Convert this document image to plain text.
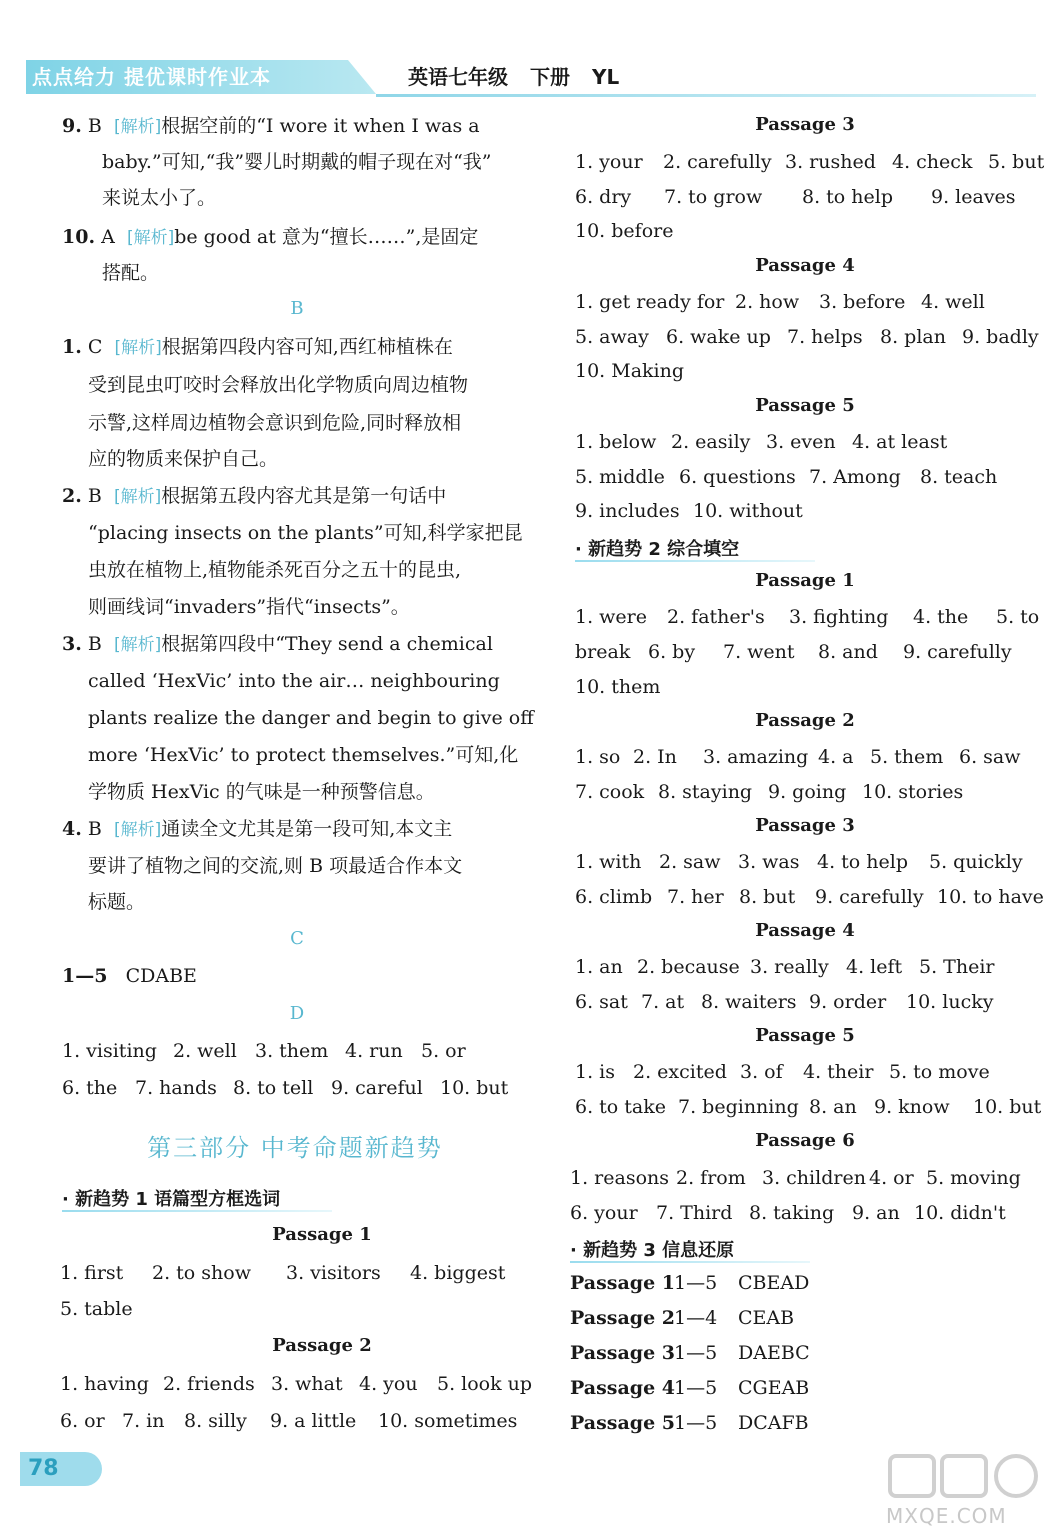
点点给力 提优课时作业本	英语七年级 下册 YL
9. B [解析]根据空前的“I wore it when I was a
baby.”可知,“我”婴儿时期戴的帽子现在对“我”
来说太小了。
10. A [解析]be good at 意为“擅长……”,是固定
搭配。
B
1. C [解析]根据第四段内容可知,西红柿植株在
受到昆虫叮咬时会释放出化学物质向周边植物
示警,这样周边植物会意识到危险,同时释放相
应的物质来保护自己。
2. B [解析]根据第五段内容尤其是第一句话中
“placing insects on the plants”可知,科学家把昆
虫放在植物上,植物能杀死百分之五十的昆虫,
则画线词“invaders”指代“insects”。
3. B [解析]根据第四段中“They send a chemical
called ‘HexVic’ into the air… neighbouring
plants realize the danger and begin to give off
more ‘HexVic’ to protect themselves.”可知,化
学物质 HexVic 的气味是一种预警信息。
4. B [解析]通读全文尤其是第一段可知,本文主
要讲了植物之间的交流,则 B 项最适合作本文
标题。
C
1—5 CDABE
D
1. visiting 2. well 3. them 4. run 5. or
6. the 7. hands 8. to tell 9. careful 10. but
第三部分 中考命题新趋势
· 新趋势 1 语篇型方框选词
Passage 1
1. first 2. to show 3. visitors 4. biggest
5. table
Passage 2
1. having 2. friends 3. what 4. you 5. look up
6. or 7. in 8. silly 9. a little 10. sometimes
Passage 3
1. your 2. carefully 3. rushed 4. check 5. but
6. dry 7. to grow 8. to help 9. leaves
10. before
Passage 4
1. get ready for 2. how 3. before 4. well
5. away 6. wake up 7. helps 8. plan 9. badly
10. Making
Passage 5
1. below 2. easily 3. even 4. at least
5. middle 6. questions 7. Among 8. teach
9. includes 10. without
· 新趋势 2 综合填空
Passage 1
1. were 2. father's 3. fighting 4. the 5. to
break 6. by 7. went 8. and 9. carefully
10. them
Passage 2
1. so 2. In 3. amazing 4. a 5. them 6. saw
7. cook 8. staying 9. going 10. stories
Passage 3
1. with 2. saw 3. was 4. to help 5. quickly
6. climb 7. her 8. but 9. carefully 10. to have
Passage 4
1. an 2. because 3. really 4. left 5. Their
6. sat 7. at 8. waiters 9. order 10. lucky
Passage 5
1. is 2. excited 3. of 4. their 5. to move
6. to take 7. beginning 8. an 9. know 10. but
Passage 6
1. reasons 2. from 3. children 4. or 5. moving
6. your 7. Third 8. taking 9. an 10. didn't
· 新趋势 3 信息还原
Passage 11—5 CBEAD
Passage 21—4 CEAB
Passage 31—5 DAEBC
Passage 41—5 CGEAB
Passage 51—5 DCAFB
78
MXQE.COM
